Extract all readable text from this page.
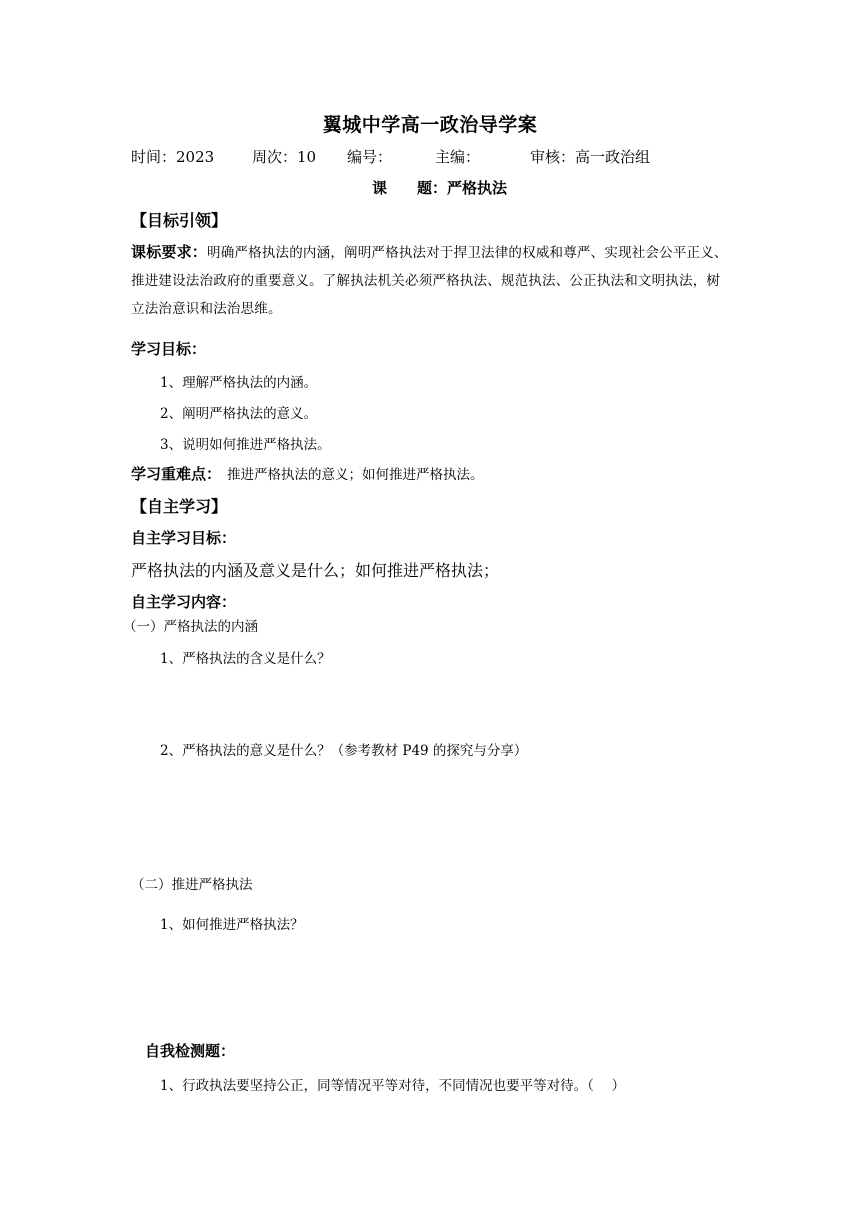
翼城中学高一政治导学案
时间：2023	周次：10 编号：	主编：	审核：高一政治组
课　　题：严格执法
【目标引领】
课标要求：明确严格执法的内涵，阐明严格执法对于捍卫法律的权威和尊严、实现社会公平正义、推进建设法治政府的重要意义。了解执法机关必须严格执法、规范执法、公正执法和文明执法，树立法治意识和法治思维。
学习目标：
1、理解严格执法的内涵。
2、阐明严格执法的意义。
3、说明如何推进严格执法。
学习重难点： 推进严格执法的意义；如何推进严格执法。
【自主学习】
自主学习目标：
严格执法的内涵及意义是什么；如何推进严格执法；
自主学习内容：
（一）严格执法的内涵
1、严格执法的含义是什么？
2、严格执法的意义是什么？（参考教材 P49 的探究与分享）
（二）推进严格执法
1、如何推进严格执法？
自我检测题：
1、行政执法要坚持公正，同等情况平等对待，不同情况也要平等对待。（　 ）
